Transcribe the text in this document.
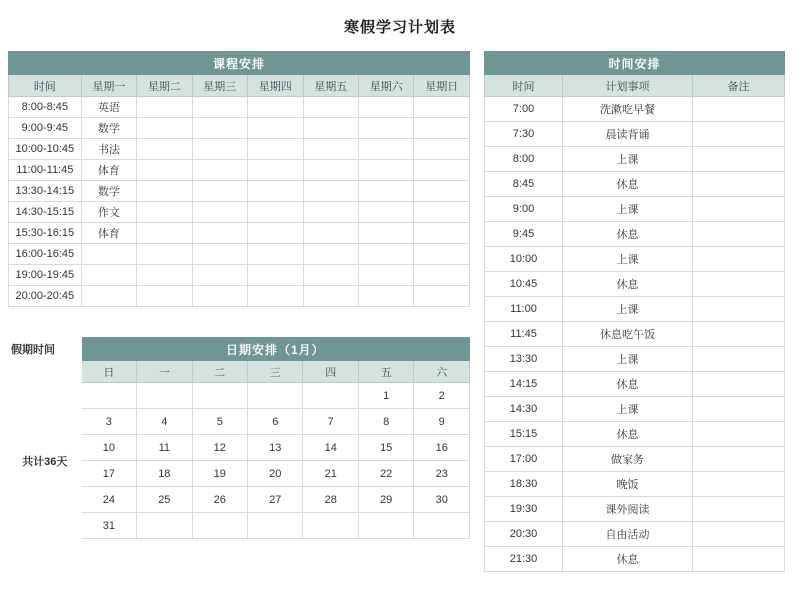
寒假学习计划表
课程安排							
时间	星期一	星期二	星期三	星期四	星期五	星期六	星期日
8:00-8:45	英语						
9:00-9:45	数学						
10:00-10:45	书法						
11:00-11:45	体育						
13:30-14:15	数学						
14:30-15:15	作文						
15:30-16:15	体育						
16:00-16:45							
19:00-19:45							
20:00-20:45							
假期时间	日期安排（1月）						
	日	一	二	三	四	五	六
共计36天						1	2
	3	4	5	6	7	8	9
	10	11	12	13	14	15	16
	17	18	19	20	21	22	23
	24	25	26	27	28	29	30
	31						
时间安排		
时间	计划事项	备注
7:00	洗漱吃早餐	
7:30	晨读背诵	
8:00	上课	
8:45	休息	
9:00	上课	
9:45	休息	
10:00	上课	
10:45	休息	
11:00	上课	
11:45	休息吃午饭	
13:30	上课	
14:15	休息	
14:30	上课	
15:15	休息	
17:00	做家务	
18:30	晚饭	
19:30	课外阅读	
20:30	自由活动	
21:30	休息	
